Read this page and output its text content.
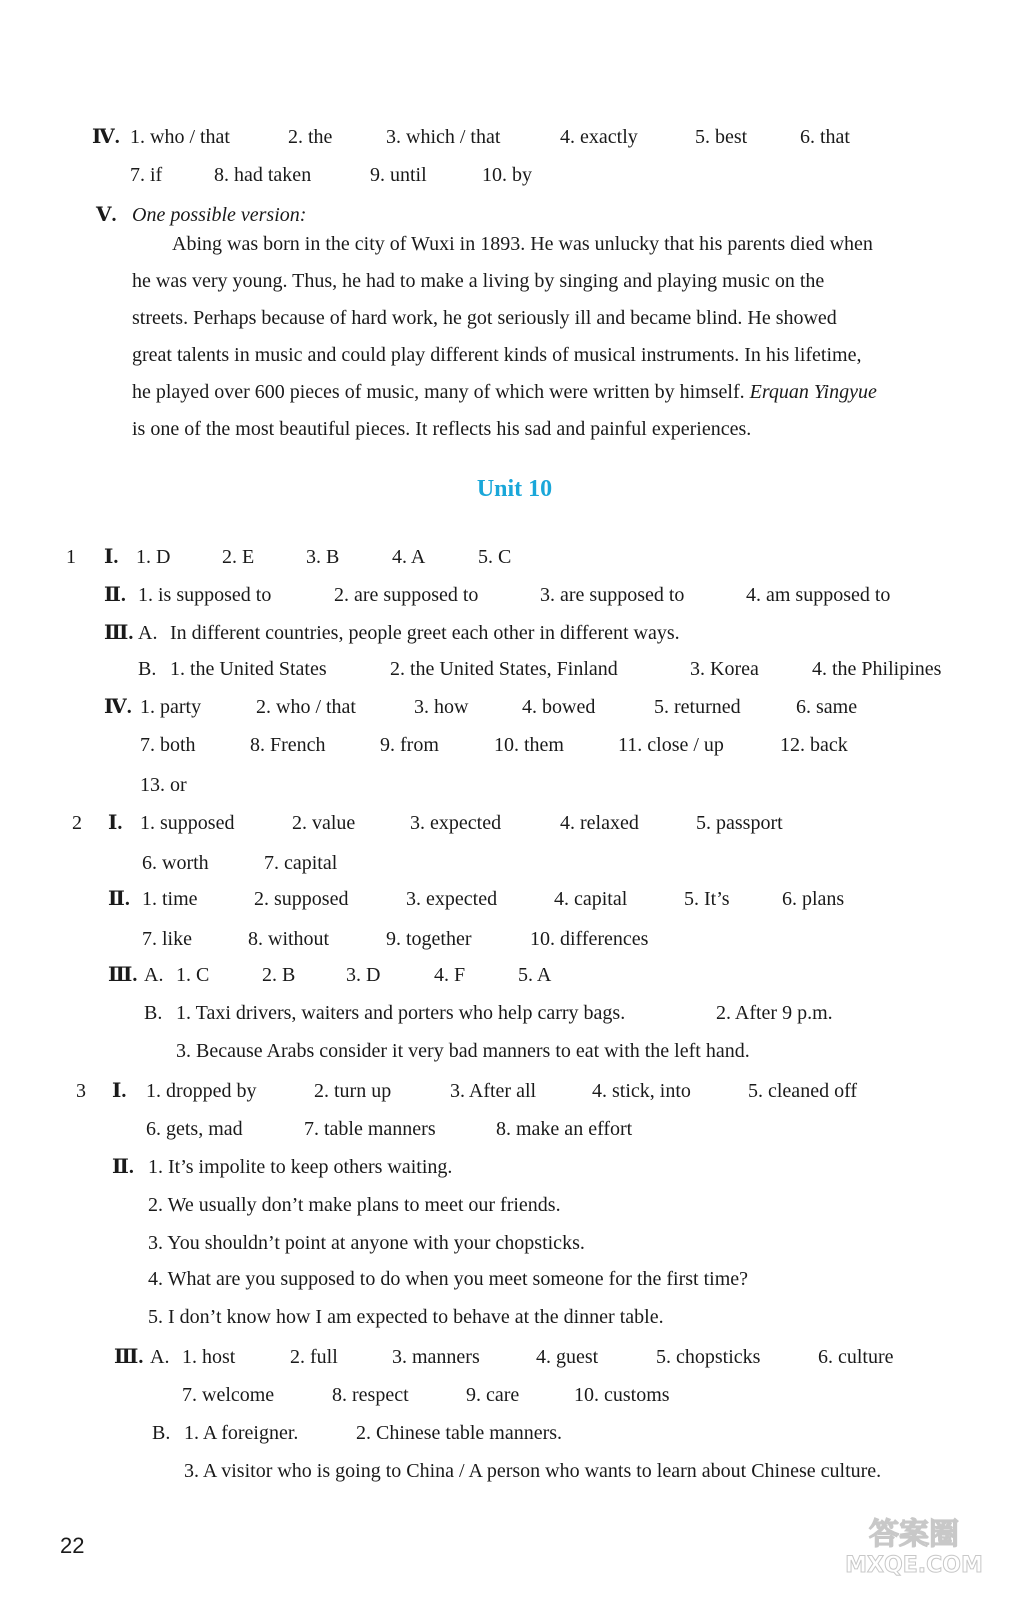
Ⅳ. 1. who / that	2. the	3. which / that	4. exactly	5. best	6. that
7. if	8. had taken	9. until	10. by
Ⅴ. One possible version:
Abing was born in the city of Wuxi in 1893. He was unlucky that his parents died when
he was very young. Thus, he had to make a living by singing and playing music on the
streets. Perhaps because of hard work, he got seriously ill and became blind. He showed
great talents in music and could play different kinds of musical instruments. In his lifetime,
he played over 600 pieces of music, many of which were written by himself. Erquan Yingyue
is one of the most beautiful pieces. It reflects his sad and painful experiences.
Unit 10
1 Ⅰ. 1. D	2. E	3. B	4. A	5. C
Ⅱ. 1. is supposed to	2. are supposed to	3. are supposed to	4. am supposed to
Ⅲ. A. In different countries, people greet each other in different ways.
B. 1. the United States	2. the United States, Finland	3. Korea	4. the Philipines
Ⅳ. 1. party	2. who / that	3. how	4. bowed	5. returned	6. same
7. both	8. French	9. from	10. them	11. close / up	12. back
13. or
2 Ⅰ. 1. supposed	2. value	3. expected	4. relaxed	5. passport
6. worth	7. capital
Ⅱ. 1. time	2. supposed	3. expected	4. capital	5. It’s	6. plans
7. like	8. without	9. together	10. differences
Ⅲ. A. 1. C	2. B	3. D	4. F	5. A
B. 1. Taxi drivers, waiters and porters who help carry bags.	2. After 9 p.m.
3. Because Arabs consider it very bad manners to eat with the left hand.
3 Ⅰ. 1. dropped by	2. turn up	3. After all	4. stick, into	5. cleaned off
6. gets, mad	7. table manners	8. make an effort
Ⅱ. 1. It’s impolite to keep others waiting.
2. We usually don’t make plans to meet our friends.
3. You shouldn’t point at anyone with your chopsticks.
4. What are you supposed to do when you meet someone for the first time?
5. I don’t know how I am expected to behave at the dinner table.
Ⅲ. A. 1. host	2. full	3. manners	4. guest	5. chopsticks	6. culture
7. welcome	8. respect	9. care	10. customs
B. 1. A foreigner.	2. Chinese table manners.
3. A visitor who is going to China / A person who wants to learn about Chinese culture.
22	答案圈
MXQE.COM
